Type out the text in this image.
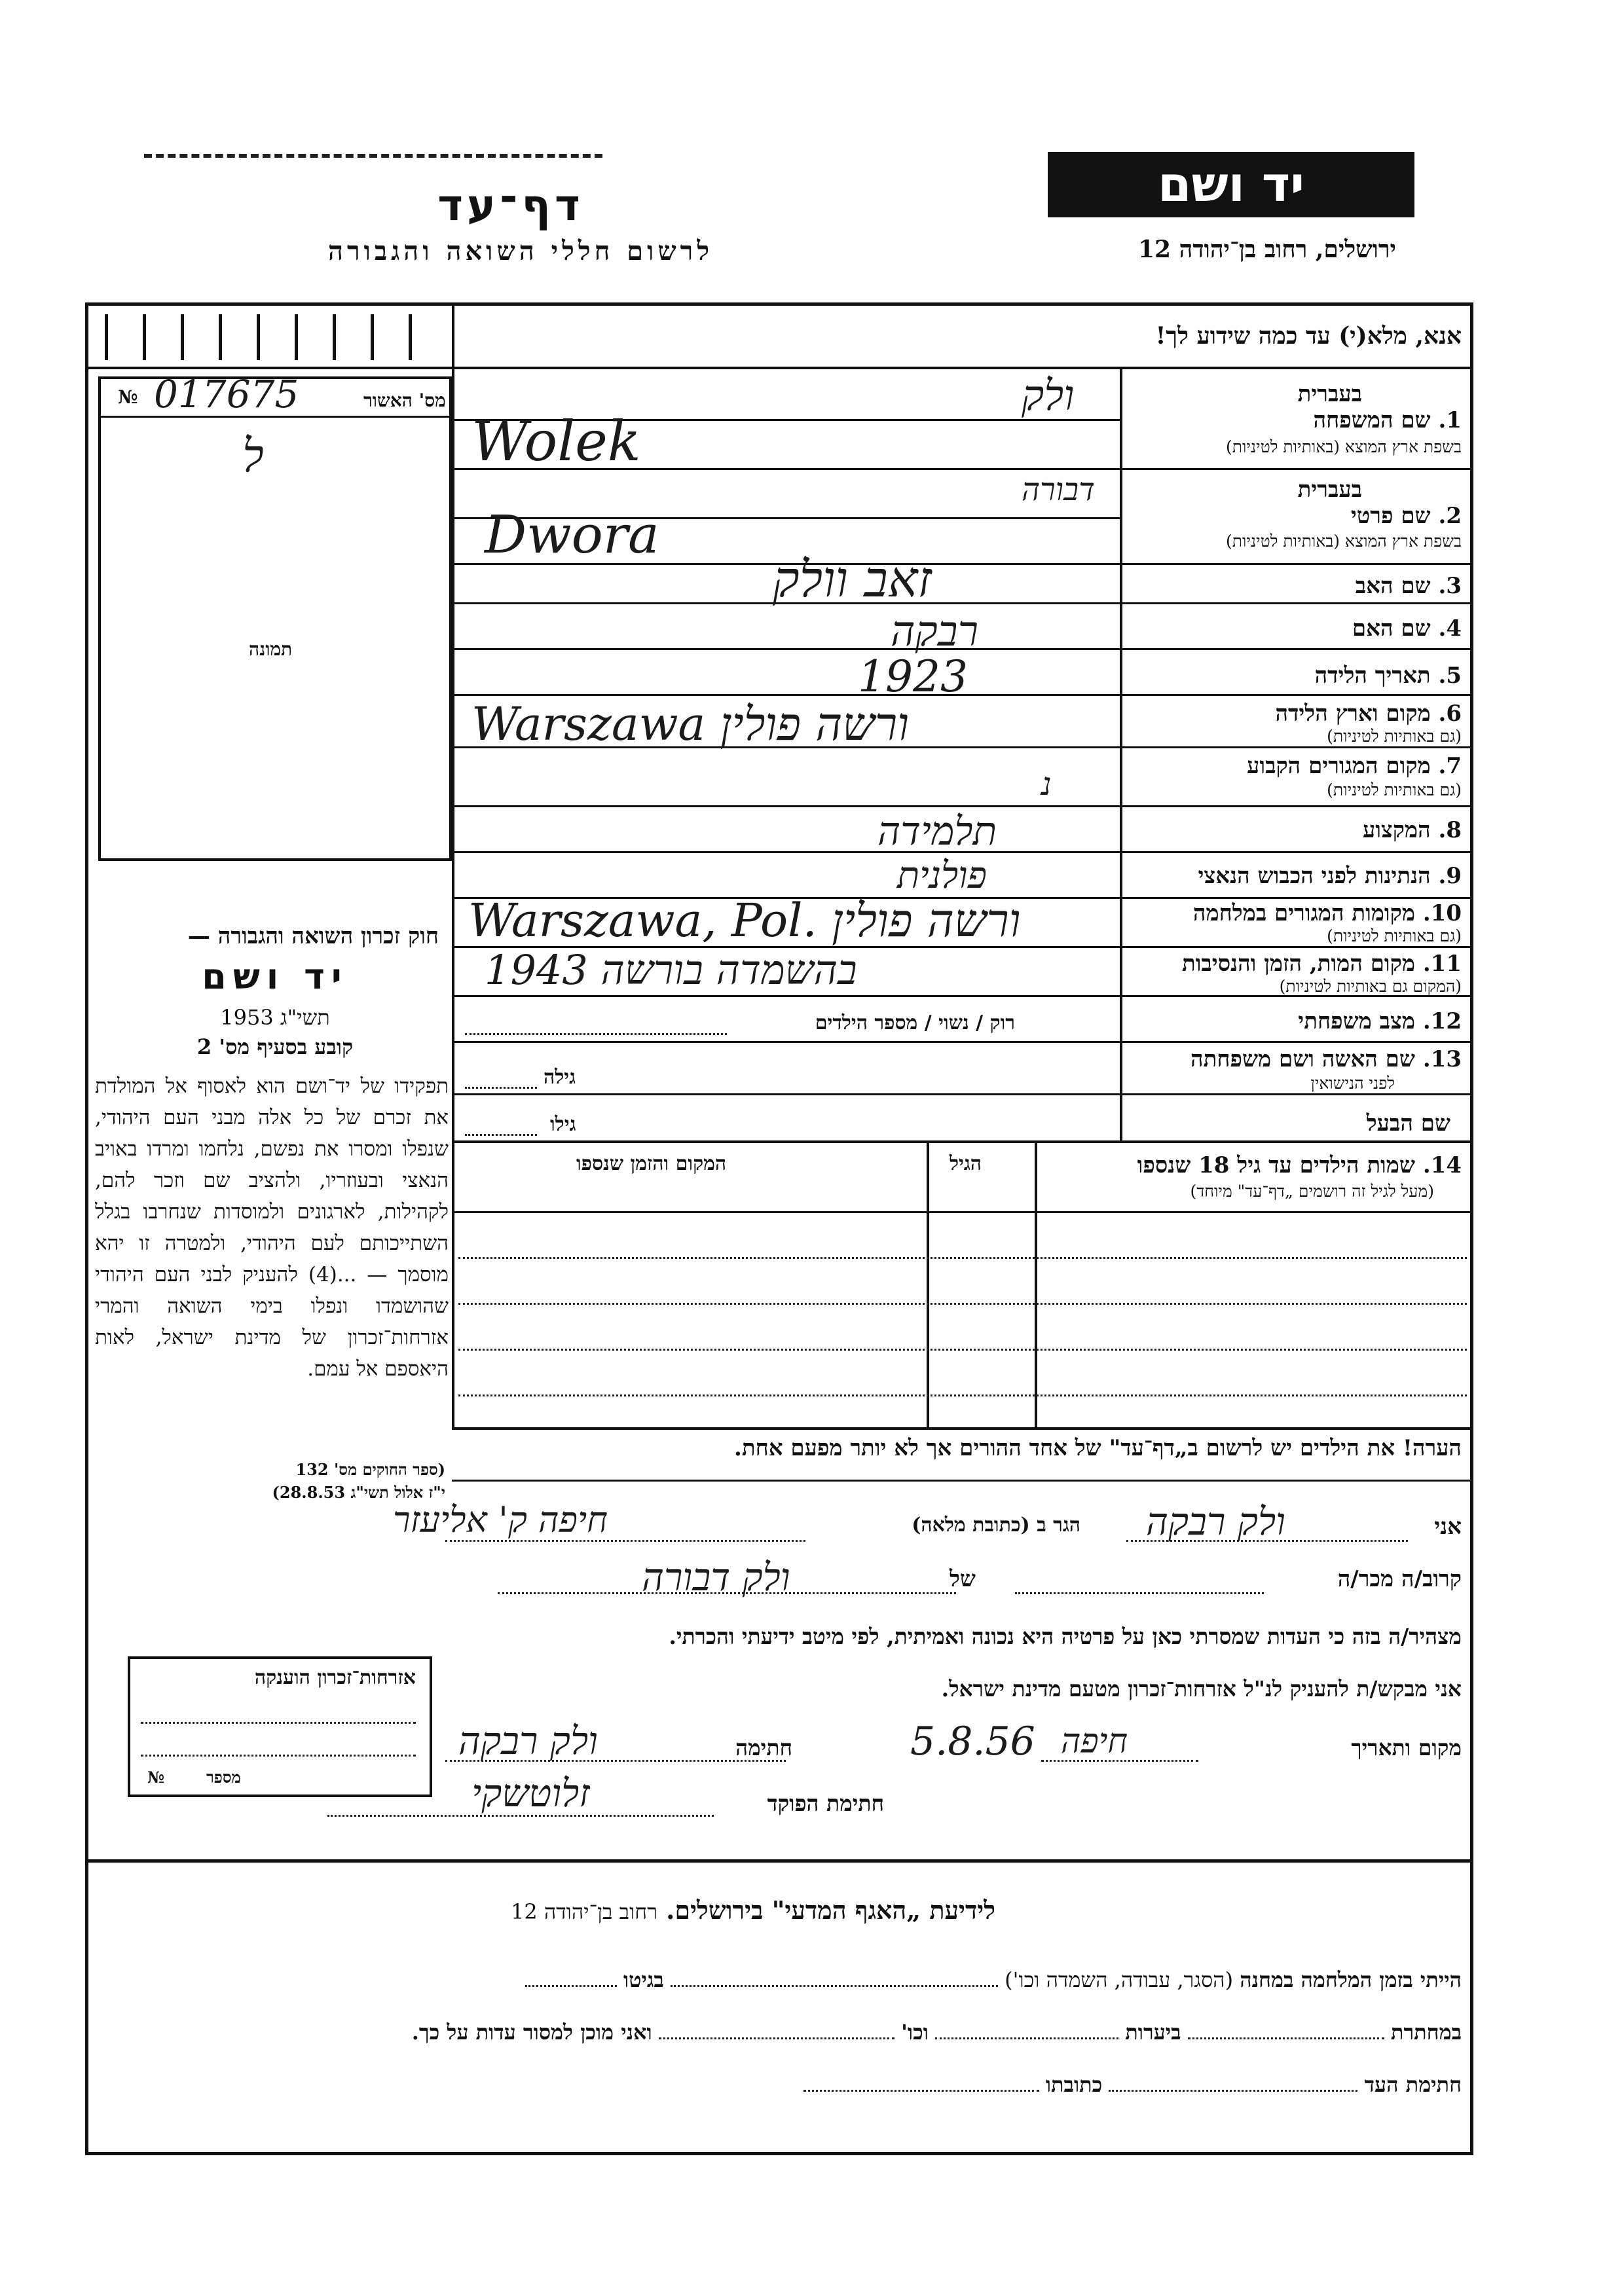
יד ושם
ירושלים, רחוב בן־יהודה 12
דף־עד
לרשום חללי השואה והגבורה
אנא, מלא(י) עד כמה שידוע לך!
№ 017675	מס' האשור
ל
תמונה
חוק זכרון השואה והגבורה —
יד ושם
תשי"ג 1953
קובע בסעיף מס' 2
תפקידו של יד־ושם הוא לאסוף אל המולדת את זכרם של כל אלה מבני העם היהודי, שנפלו ומסרו את נפשם, נלחמו ומרדו באויב הנאצי ובעוזריו, ולהציב שם וזכר להם, לקהילות, לארגונים ולמוסדות שנחרבו בגלל השתייכותם לעם היהודי, ולמטרה זו יהא מוסמך — ...(4) להעניק לבני העם היהודי שהושמדו ונפלו בימי השואה והמרי אזרחות־זכרון של מדינת ישראל, לאות היאספם אל עמם.
(ספר החוקים מס' 132
י"ז אלול תשי"ג 28.8.53)
בעברית
1. שם המשפחה
בשפת ארץ המוצא (באותיות לטיניות)
ולק
Wolek
בעברית
2. שם פרטי
בשפת ארץ המוצא (באותיות לטיניות)
דבורה
Dwora
3. שם האב
זאב וולק
4. שם האם
רבקה
5. תאריך הלידה
1923
6. מקום וארץ הלידה
(גם באותיות לטיניות)
Warszawa ורשה פולין
7. מקום המגורים הקבוע
(גם באותיות לטיניות)
נ
8. המקצוע
תלמידה
9. הנתינות לפני הכבוש הנאצי
פולנית
10. מקומות המגורים במלחמה
(גם באותיות לטיניות)
Warszawa, Pol. ורשה פולין
11. מקום המות, הזמן והנסיבות
(המקום גם באותיות לטיניות)
1943 בהשמדה בורשה
12. מצב משפחתי
רוק / נשוי / מספר הילדים
13. שם האשה ושם משפחתה
לפני הנישואין
גילה
שם הבעל
גילו
14. שמות הילדים עד גיל 18 שנספו
(מעל לגיל זה רושמים „דף־עד" מיוחד)
הגיל
המקום והזמן שנספו
הערה! את הילדים יש לרשום ב„דף־עד" של אחד ההורים אך לא יותר מפעם אחת.
אני
ולק רבקה
הגר ב (כתובת מלאה)
חיפה ק' אליעזר
קרוב/ה מכר/ה
של
ולק דבורה
מצהיר/ה בזה כי העדות שמסרתי כאן על פרטיה היא נכונה ואמיתית, לפי מיטב ידיעתי והכרתי.
אני מבקש/ת להעניק לנ"ל אזרחות־זכרון מטעם מדינת ישראל.
מקום ותאריך
חיפה
5.8.56
חתימה
ולק רבקה
חתימת הפוקד
זלוטשקי
אזרחות־זכרון הוענקה
№	מספר
לידיעת „האגף המדעי" בירושלים. רחוב בן־יהודה 12
הייתי בזמן המלחמה במחנה (הסגר, עבודה, השמדה וכו')  בגיטו
במחתרת  ביערות  וכו'  ואני מוכן למסור עדות על כך.
חתימת העד  כתובתו
